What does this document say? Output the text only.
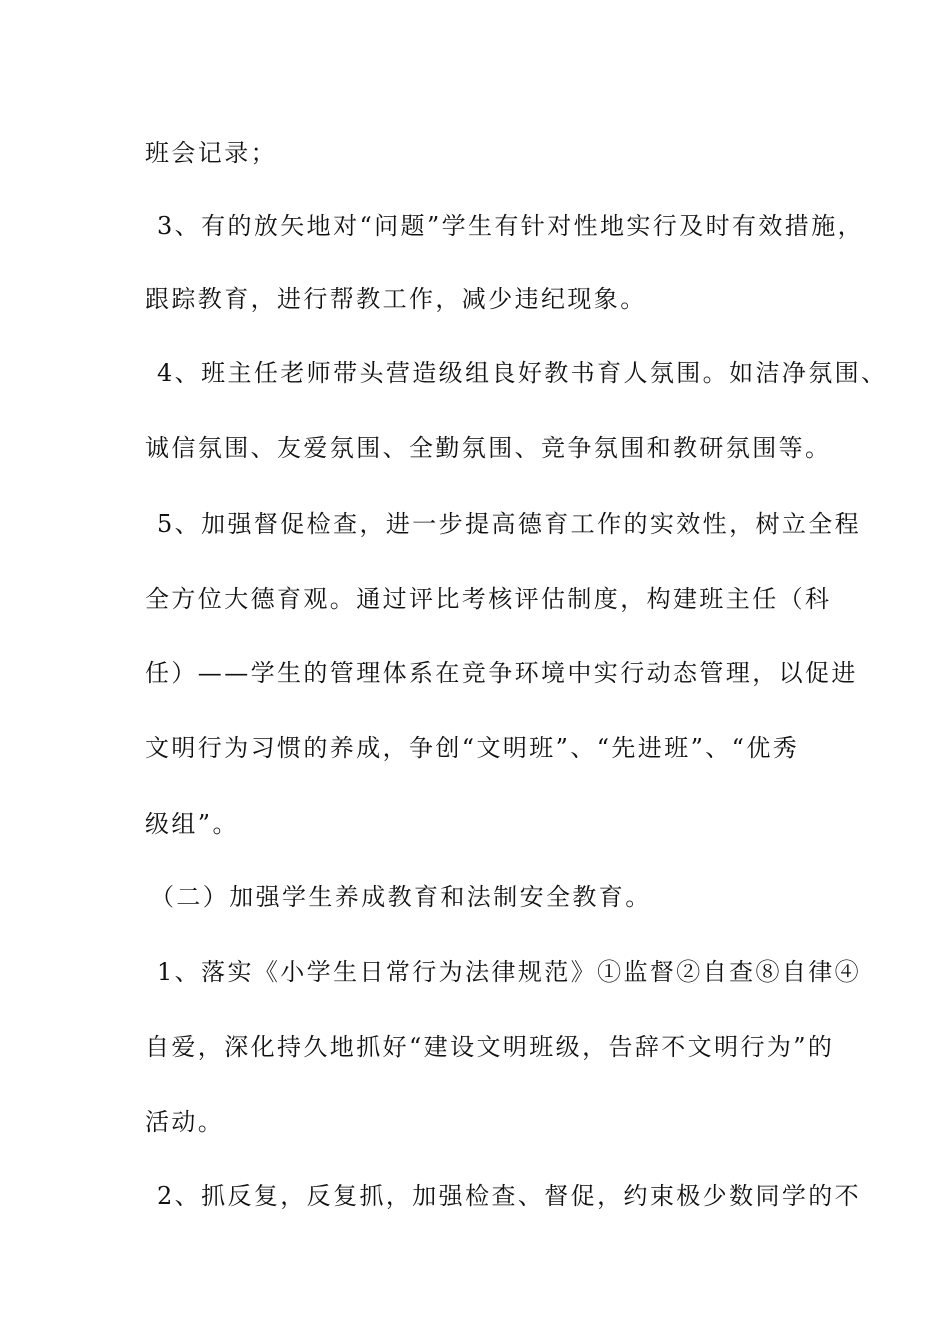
班会记录；
3、有的放矢地对“问题”学生有针对性地实行及时有效措施，
跟踪教育，进行帮教工作，减少违纪现象。
4、班主任老师带头营造级组良好教书育人氛围。如洁净氛围、
诚信氛围、友爱氛围、全勤氛围、竞争氛围和教研氛围等。
5、加强督促检查，进一步提高德育工作的实效性，树立全程
全方位大德育观。通过评比考核评估制度，构建班主任（科
任）——学生的管理体系在竞争环境中实行动态管理，以促进
文明行为习惯的养成，争创“文明班”、“先进班”、“优秀
级组”。
（二）加强学生养成教育和法制安全教育。
1、落实《小学生日常行为法律规范》①监督②自查⑧自律④
自爱，深化持久地抓好“建设文明班级，告辞不文明行为”的
活动。
2、抓反复，反复抓，加强检查、督促，约束极少数同学的不
